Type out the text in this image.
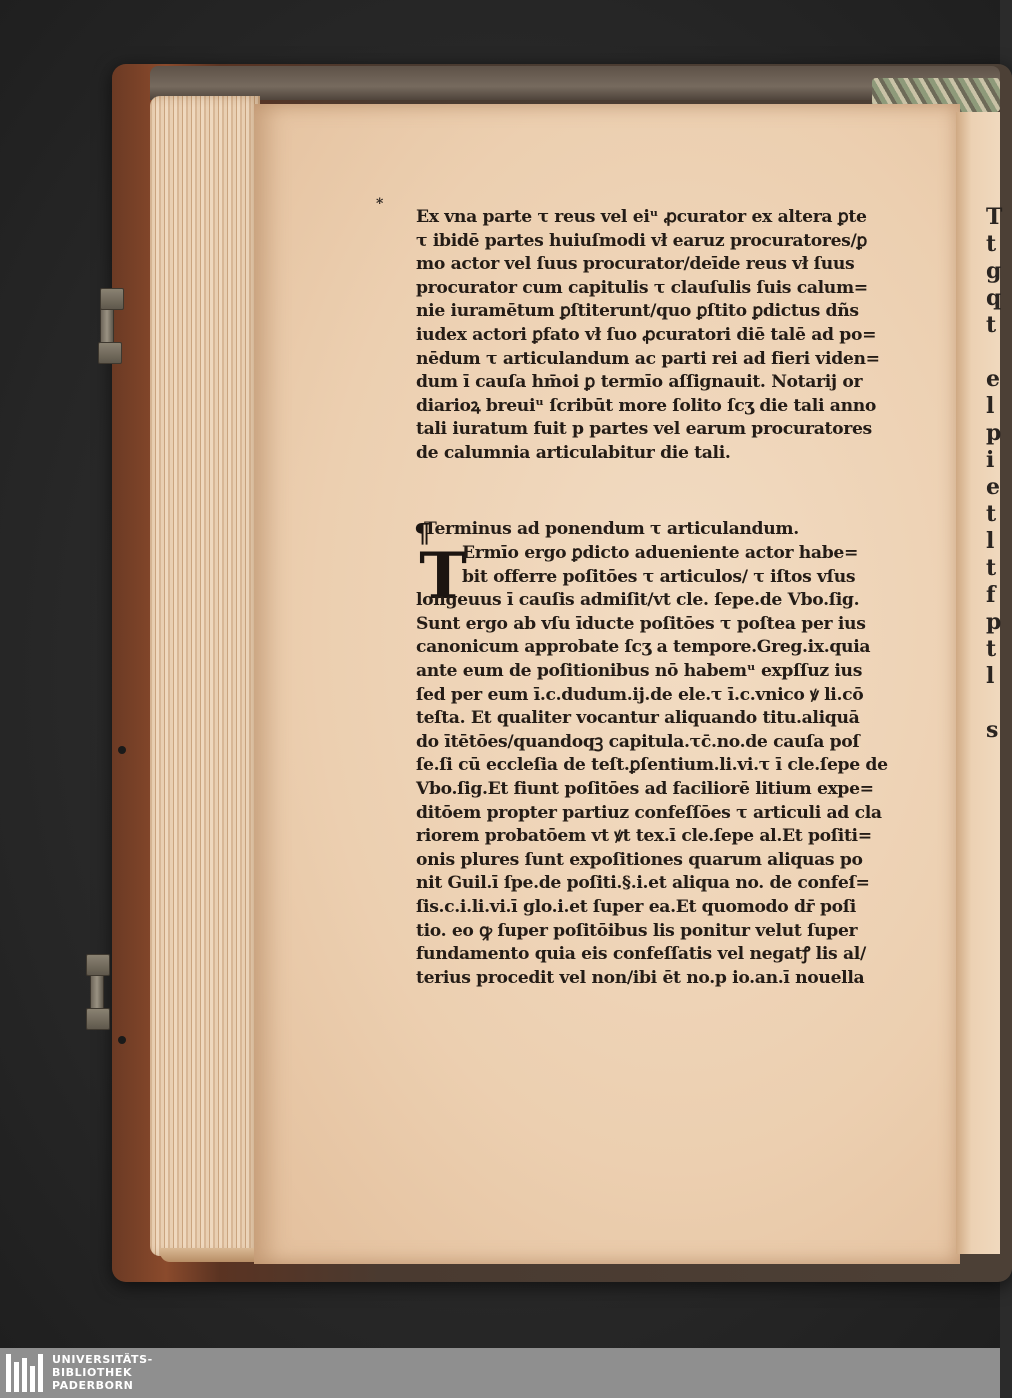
T
t
g
q
t

e
l
p
i
e
t
l
t
f
p
t
l

s
*
Ex vna parte τ reus vel eiᵘ ꝓcurator ex altera ꝑte
τ ibidē partes huiuſmodi vł earuz procuratores/ꝑ
mo actor vel ſuus procurator/deīde reus vł ſuus
procurator cum capitulis τ clauſulis ſuis calum=
nie iuramētum ꝑſtiterunt/quo ꝑſtito ꝑdictus dñs
iudex actori ꝑfato vł ſuo ꝓcuratori diē talē ad po=
nēdum τ articulandum ac parti rei ad fieri viden=
dum ī cauſa hm̄oi ꝑ termīo aſſignauit. Notarij or
diarioꝝ breuiᵘ ſcribūt more ſolito ſcʒ die tali anno
tali iuratum fuit p partes vel earum procuratores
de calumnia articulabitur die tali.
¶
T
Terminus ad ponendum τ articulandum.
Ermīo ergo ꝑdicto adueniente actor habe=
bit offerre poſitōes τ articulos/ τ iſtos vſus
longeuus ī cauſis admiſit/vt cle. ſepe.de Vbo.ſig.
Sunt ergo ab vſu īducte poſitōes τ poſtea per ius
canonicum approbate ſcʒ a tempore.Greg.ix.quia
ante eum de poſitionibus nō habemᵘ expſſuz ius
ſed per eum ī.c.dudum.ij.de ele.τ ī.c.vnico ꝟ li.cō
teſta. Et qualiter vocantur aliquando titu.aliquā
do ītētōes/quandoqꝫ capitula.τc̄.no.de cauſa poſ
ſe.ſi cū eccleſia de teſt.ꝑſentium.li.vi.τ ī cle.ſepe de
Vbo.ſig.Et fiunt poſitōes ad faciliorē litium expe=
ditōem propter partiuz confeſſōes τ articuli ad cla
riorem probatōem vt ꝟt tex.ī cle.ſepe al.Et poſiti=
onis plures ſunt expoſitiones quarum aliquas po
nit Guil.ī ſpe.de poſiti.§.i.et aliqua no. de confeſ=
ſis.c.i.li.vi.ī glo.i.et ſuper ea.Et quomodo dr̄ poſi
tio. eo ꝙ ſuper poſitōibus lis ponitur velut ſuper
fundamento quia eis confeſſatis vel negatꝭ lis al/
terius procedit vel non/ibi ēt no.p io.an.ī nouella
UNIVERSITÄTS-
BIBLIOTHEK
PADERBORN
